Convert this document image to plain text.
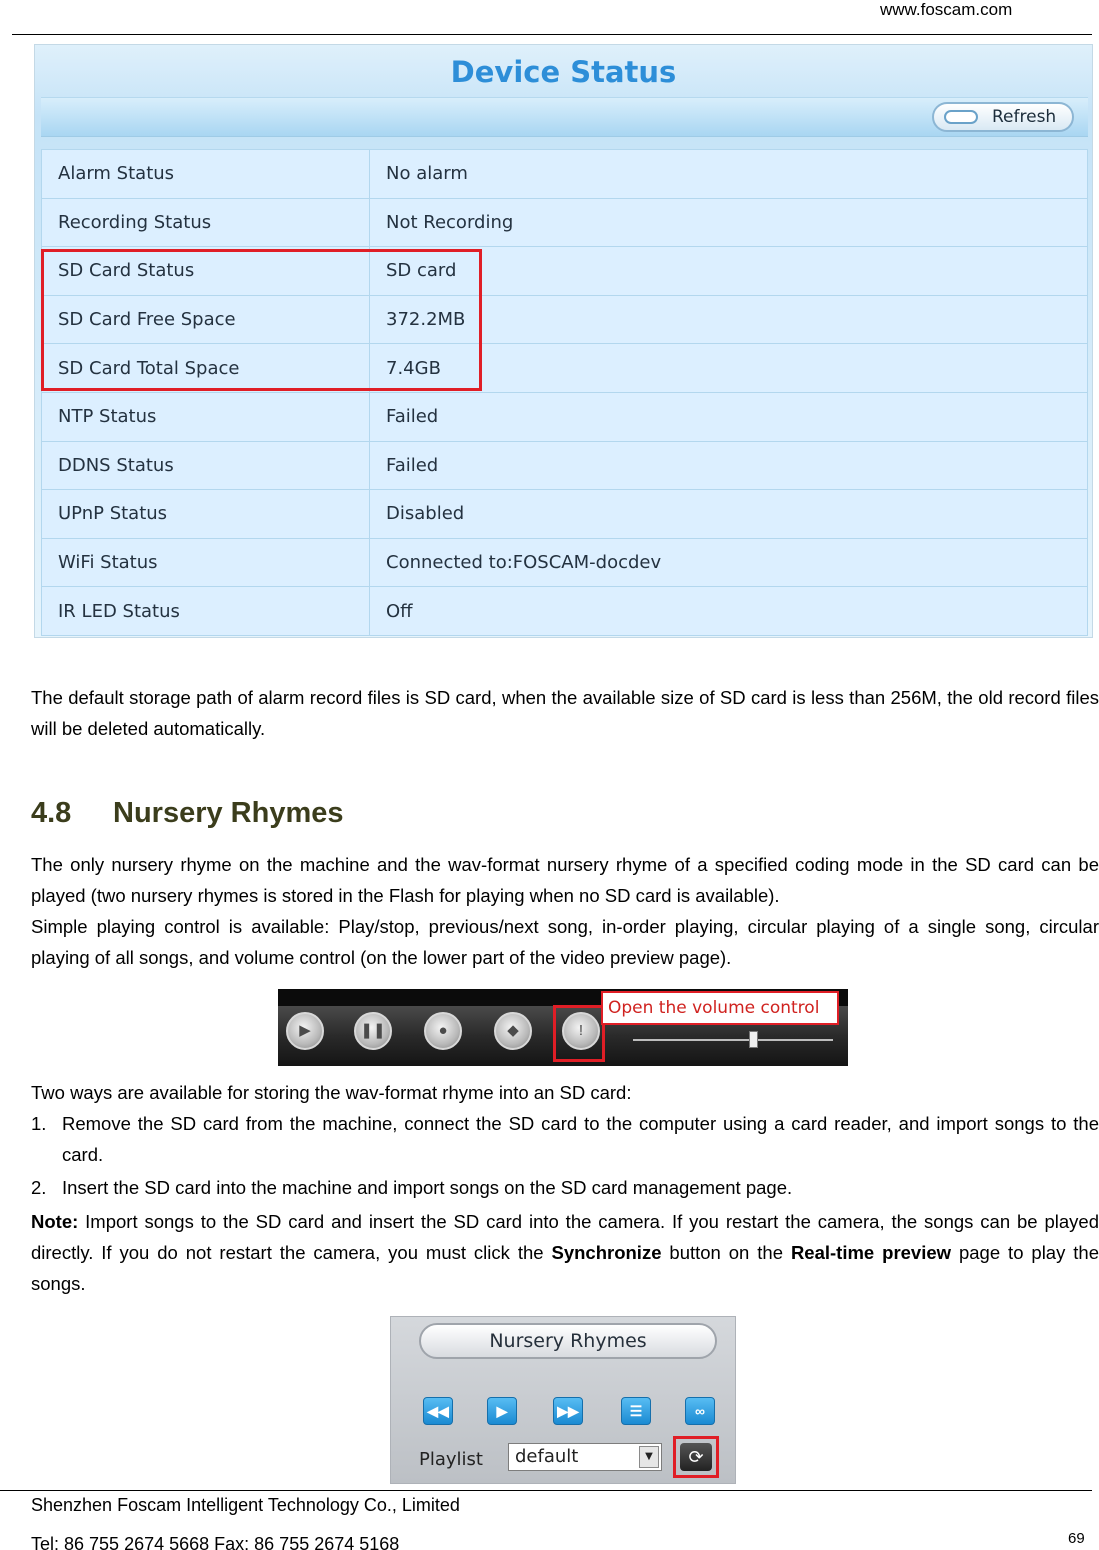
www.foscam.com
Device Status
Refresh
Alarm Status	No alarm
Recording Status	Not Recording
SD Card Status	SD card
SD Card Free Space	372.2MB
SD Card Total Space	7.4GB
NTP Status	Failed
DDNS Status	Failed
UPnP Status	Disabled
WiFi Status	Connected to:FOSCAM-docdev
IR LED Status	Off

The default storage path of alarm record files is SD card, when the available size of SD card is less than 256M, the old record files will be deleted automatically.

4.8 Nursery Rhymes

The only nursery rhyme on the machine and the wav-format nursery rhyme of a specified coding mode in the SD card can be played (two nursery rhymes is stored in the Flash for playing when no SD card is available).

Simple playing control is available: Play/stop, previous/next song, in-order playing, circular playing of a single song, circular playing of all songs, and volume control (on the lower part of the video preview page).

▶	❚❚	●	◆	!
Open the volume control

Two ways are available for storing the wav-format rhyme into an SD card:

1. Remove the SD card from the machine, connect the SD card to the computer using a card reader, and import songs to the card.

2. Insert the SD card into the machine and import songs on the SD card management page.

Note: Import songs to the SD card and insert the SD card into the camera. If you restart the camera, the songs can be played directly. If you do not restart the camera, you must click the Synchronize button on the Real-time preview page to play the songs.

Nursery Rhymes
◀◀	▶	▶▶	☰	∞
Playlist	default	▼	⟳
Shenzhen Foscam Intelligent Technology Co., Limited
Tel: 86 755 2674 5668 Fax: 86 755 2674 5168	69
